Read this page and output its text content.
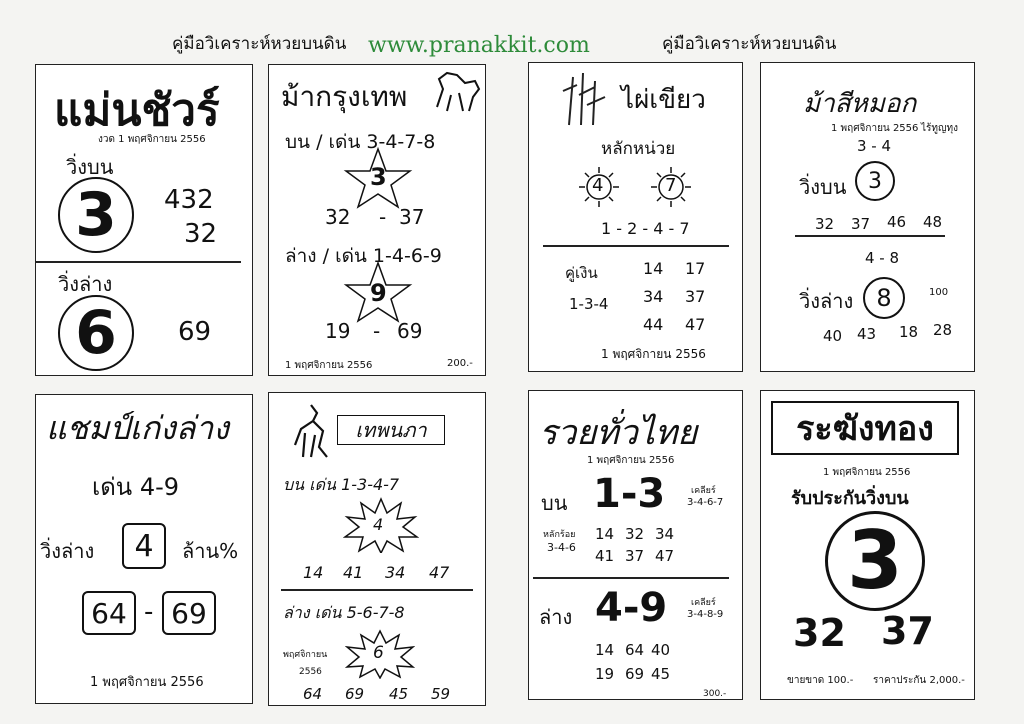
คู่มือวิเคราะห์หวยบนดิน www.pranakkit.com	คู่มือวิเคราะห์หวยบนดิน
แม่นชัวร์
งวด 1 พฤศจิกายน 2556
วิ่งบน
3 432
32
วิ่งล่าง
6 69
ม้ากรุงเทพ
บน / เด่น 3-4-7-8
3
32 - 37
ล่าง / เด่น 1-4-6-9
9
19 - 69
1 พฤศจิกายน 2556	200.-
ไผ่เขียว
หลักหน่วย
4	7
1 - 2 - 4 - 7
คู่เงิน
1-3-4
14 17
34 37
44 47
1 พฤศจิกายน 2556
ม้าสีหมอก
1 พฤศจิกายน 2556 ไร้ทูญทุง
3 - 4
วิ่งบน 3
32 37 46 48
4 - 8
วิ่งล่าง 8	100
40 43 18 28
แชมป์เก่งล่าง
เด่น 4-9
วิ่งล่าง 4 ล้าน%
64 - 69
1 พฤศจิกายน 2556
เทพนภา
บน เด่น 1-3-4-7
4
14 41 34 47
ล่าง เด่น 5-6-7-8
พฤศจิกายน
2556
6
64 69 45 59
รวยทั่วไทย
1 พฤศจิกายน 2556
บน 1-3	เคลียร์
3-4-6-7
หลักร้อย
3-4-6
14 32 34
41 37 47
ล่าง 4-9	เคลียร์
3-4-8-9
14 64 40
19 69 45
300.-
ระฆังทอง
1 พฤศจิกายน 2556
รับประกันวิ่งบน
3
32 37
ขายขาด 100.- ราคาประกัน 2,000.-
